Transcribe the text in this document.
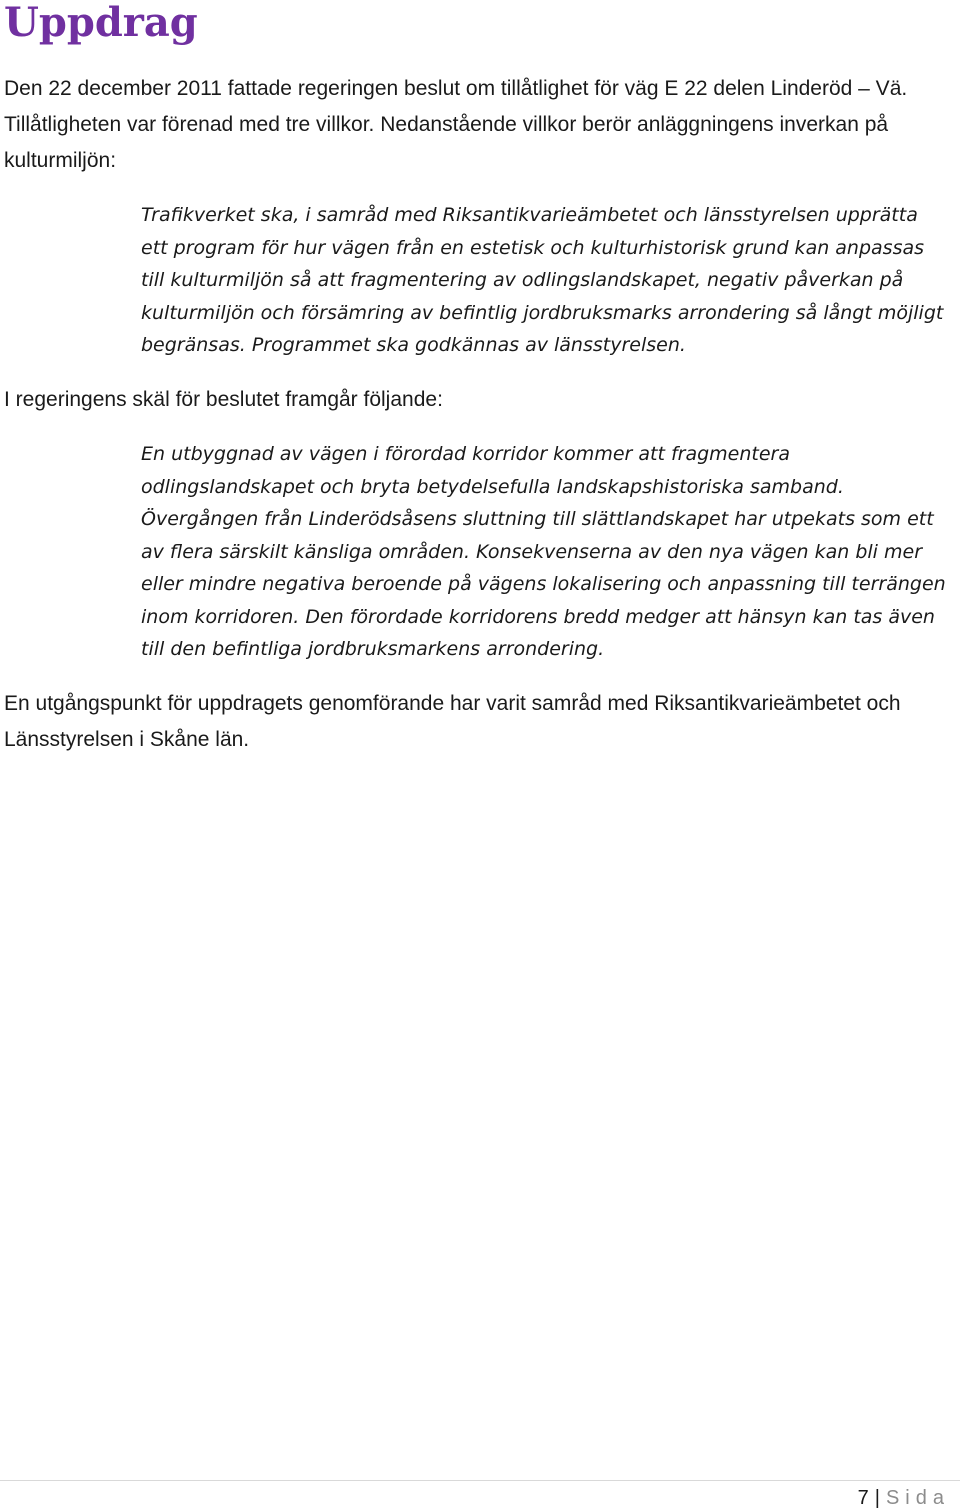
Uppdrag

Den 22 december 2011 fattade regeringen beslut om tillåtlighet för väg E 22 delen Linderöd – Vä. Tillåtligheten var förenad med tre villkor. Nedanstående villkor berör anläggningens inverkan på kulturmiljön:

Trafikverket ska, i samråd med Riksantikvarieämbetet och länsstyrelsen upprätta ett program för hur vägen från en estetisk och kulturhistorisk grund kan anpassas till kulturmiljön så att fragmentering av odlingslandskapet, negativ påverkan på kulturmiljön och försämring av befintlig jordbruksmarks arrondering så långt möjligt begränsas. Programmet ska godkännas av länsstyrelsen.

I regeringens skäl för beslutet framgår följande:

En utbyggnad av vägen i förordad korridor kommer att fragmentera odlingslandskapet och bryta betydelsefulla landskapshistoriska samband. Övergången från Linderödsåsens sluttning till slättlandskapet har utpekats som ett av flera särskilt känsliga områden. Konsekvenserna av den nya vägen kan bli mer eller mindre negativa beroende på vägens lokalisering och anpassning till terrängen inom korridoren. Den förordade korridorens bredd medger att hänsyn kan tas även till den befintliga jordbruksmarkens arrondering.

En utgångspunkt för uppdragets genomförande har varit samråd med Riksantikvarieämbetet och Länsstyrelsen i Skåne län.

7 | Sida
